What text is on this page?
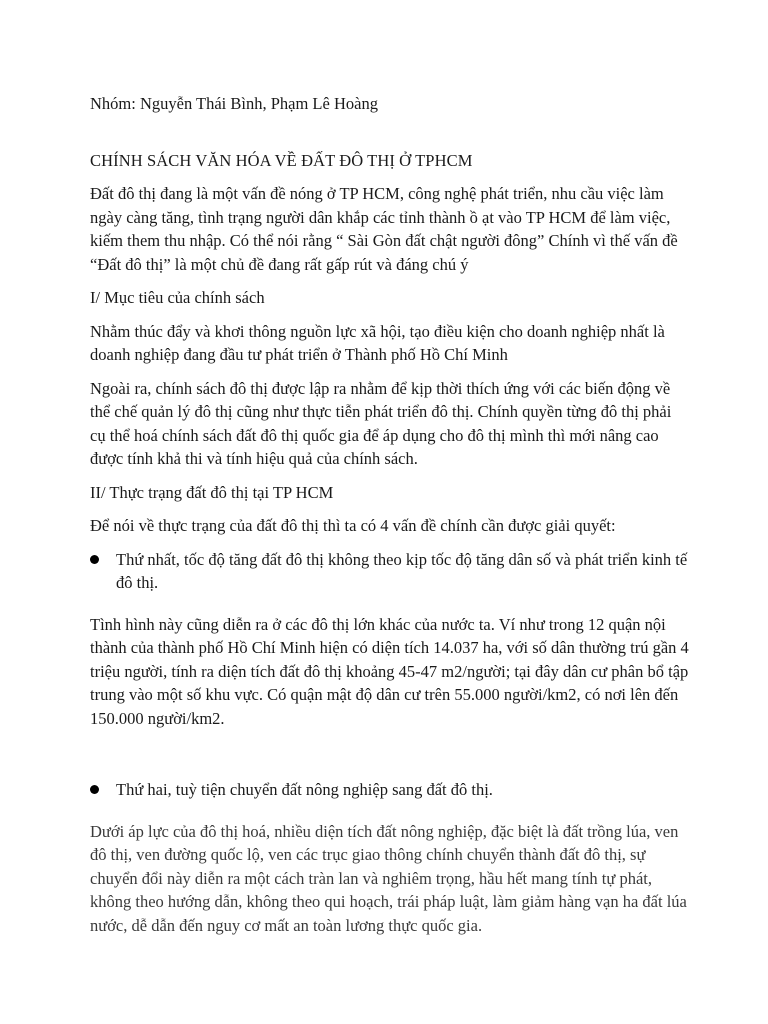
Nhóm: Nguyễn Thái Bình, Phạm Lê Hoàng

CHÍNH SÁCH VĂN HÓA VỀ ĐẤT ĐÔ THỊ Ở TPHCM

Đất đô thị đang là một vấn đề nóng ở TP HCM, công nghệ phát triển, nhu cầu việc làm ngày càng tăng, tình trạng người dân khắp các tỉnh thành ồ ạt vào TP HCM để làm việc, kiếm them thu nhập. Có thể nói rằng “ Sài Gòn đất chật người đông” Chính vì thế vấn đề “Đất đô thị” là một chủ đề đang rất gấp rút và đáng chú ý

I/ Mục tiêu của chính sách

Nhằm thúc đẩy và khơi thông nguồn lực xã hội, tạo điều kiện cho doanh nghiệp nhất là doanh nghiệp đang đầu tư phát triển ở Thành phố Hồ Chí Minh

Ngoài ra, chính sách đô thị được lập ra nhằm để kịp thời thích ứng với các biến động về thể chế quản lý đô thị cũng như thực tiễn phát triển đô thị. Chính quyền từng đô thị phải cụ thể hoá chính sách đất đô thị quốc gia để áp dụng cho đô thị mình thì mới nâng cao được tính khả thi và tính hiệu quả của chính sách.

II/ Thực trạng đất đô thị tại TP HCM

Để nói về thực trạng của đất đô thị thì ta có 4 vấn đề chính cần được giải quyết:

Thứ nhất, tốc độ tăng đất đô thị không theo kịp tốc độ tăng dân số và phát triển kinh tế đô thị.

Tình hình này cũng diễn ra ở các đô thị lớn khác của nước ta. Ví như trong 12 quận nội thành của thành phố Hồ Chí Minh hiện có diện tích 14.037 ha, với số dân thường trú gần 4 triệu người, tính ra diện tích đất đô thị khoảng 45-47 m2/người; tại đây dân cư phân bổ tập trung vào một số khu vực. Có quận mật độ dân cư trên 55.000 người/km2, có nơi lên đến 150.000 người/km2.

Thứ hai, tuỳ tiện chuyển đất nông nghiệp sang đất đô thị.

Dưới áp lực của đô thị hoá, nhiều diện tích đất nông nghiệp, đặc biệt là đất trồng lúa, ven đô thị, ven đường quốc lộ, ven các trục giao thông chính chuyển thành đất đô thị, sự chuyển đổi này diễn ra một cách tràn lan và nghiêm trọng, hầu hết mang tính tự phát, không theo hướng dẫn, không theo qui hoạch, trái pháp luật, làm giảm hàng vạn ha đất lúa nước, dễ dẫn đến nguy cơ mất an toàn lương thực quốc gia.
